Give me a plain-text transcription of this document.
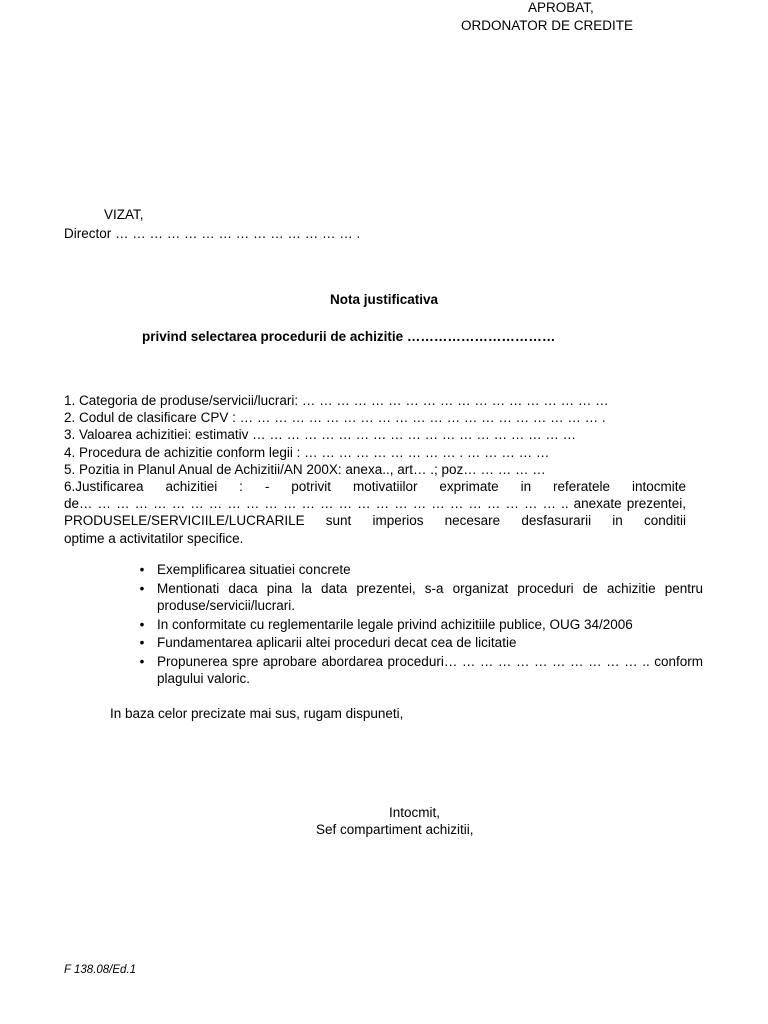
APROBAT,
ORDONATOR DE CREDITE
VIZAT,
Director … … … … … … … … … … … … … … .
Nota justificativa
privind selectarea procedurii de achizitie ……………………………
1. Categoria de produse/servicii/lucrari: … … … … … … … … … … … … … … … … … …
2. Codul de clasificare CPV : … … … … … … … … … … … … … … … … … … … … … .
3. Valoarea achizitiei: estimativ … … … … … … … … … … … … … … … … … … …
4. Procedura de achizitie conform legii : … … … … … … … … … . … … … … …
5. Pozitia in Planul Anual de Achizitii/AN 200X: anexa.., art… .; poz… … … … …
6.Justificarea achizitiei : - potrivit motivatiilor exprimate in referatele intocmite
de… … … … … … … … … … … … … … … … … … … … … … … … … … .. anexate prezentei,
PRODUSELE/SERVICIILE/LUCRARILE sunt imperios necesare desfasurarii in conditii
optime a activitatilor specifice.
• Exemplificarea situatiei concrete
• Mentionati daca pina la data prezentei, s-a organizat proceduri de achizitie pentru produse/servicii/lucrari.
• In conformitate cu reglementarile legale privind achizitiile publice, OUG 34/2006
• Fundamentarea aplicarii altei proceduri decat cea de licitatie
• Propunerea spre aprobare abordarea proceduri… … … … … … … … … … … .. conform plagului valoric.
In baza celor precizate mai sus, rugam dispuneti,
Intocmit,
Sef compartiment achizitii,
F 138.08/Ed.1
